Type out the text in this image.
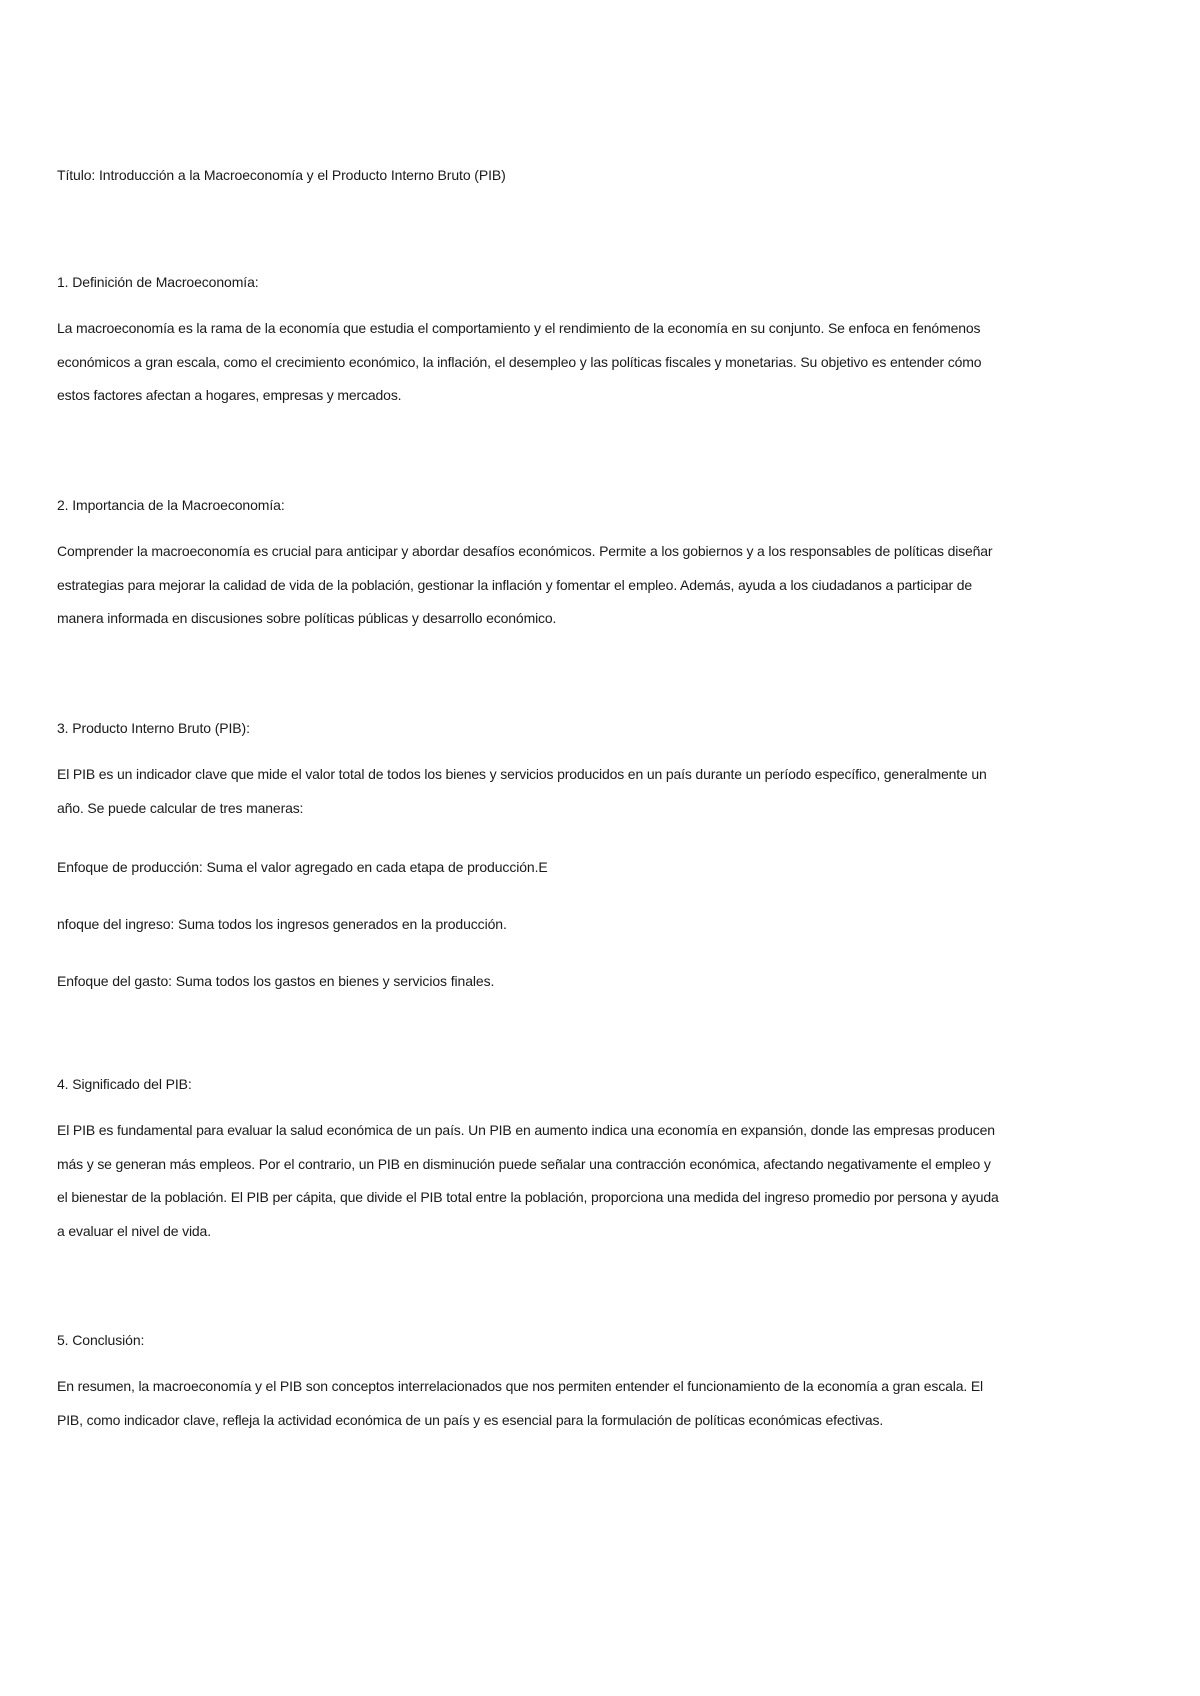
Título: Introducción a la Macroeconomía y el Producto Interno Bruto (PIB)
1. Definición de Macroeconomía:
La macroeconomía es la rama de la economía que estudia el comportamiento y el rendimiento de la economía en su conjunto. Se enfoca en fenómenos
económicos a gran escala, como el crecimiento económico, la inflación, el desempleo y las políticas fiscales y monetarias. Su objetivo es entender cómo
estos factores afectan a hogares, empresas y mercados.
2. Importancia de la Macroeconomía:
Comprender la macroeconomía es crucial para anticipar y abordar desafíos económicos. Permite a los gobiernos y a los responsables de políticas diseñar
estrategias para mejorar la calidad de vida de la población, gestionar la inflación y fomentar el empleo. Además, ayuda a los ciudadanos a participar de
manera informada en discusiones sobre políticas públicas y desarrollo económico.
3. Producto Interno Bruto (PIB):
El PIB es un indicador clave que mide el valor total de todos los bienes y servicios producidos en un país durante un período específico, generalmente un
año. Se puede calcular de tres maneras:
Enfoque de producción: Suma el valor agregado en cada etapa de producción.E
nfoque del ingreso: Suma todos los ingresos generados en la producción.
Enfoque del gasto: Suma todos los gastos en bienes y servicios finales.
4. Significado del PIB:
El PIB es fundamental para evaluar la salud económica de un país. Un PIB en aumento indica una economía en expansión, donde las empresas producen
más y se generan más empleos. Por el contrario, un PIB en disminución puede señalar una contracción económica, afectando negativamente el empleo y
el bienestar de la población. El PIB per cápita, que divide el PIB total entre la población, proporciona una medida del ingreso promedio por persona y ayuda
a evaluar el nivel de vida.
5. Conclusión:
En resumen, la macroeconomía y el PIB son conceptos interrelacionados que nos permiten entender el funcionamiento de la economía a gran escala. El
PIB, como indicador clave, refleja la actividad económica de un país y es esencial para la formulación de políticas económicas efectivas.
